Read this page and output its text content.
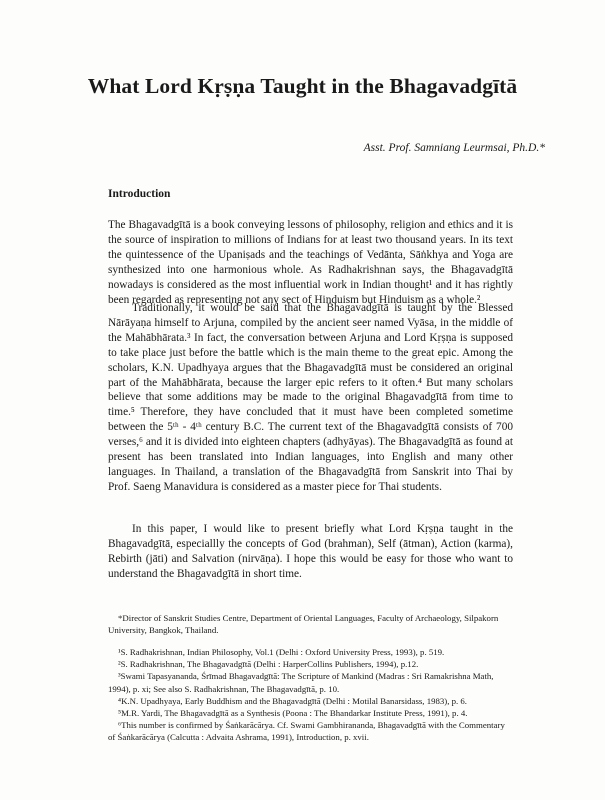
What Lord Kṛṣṇa Taught in the Bhagavadgītā
Asst. Prof. Samniang Leurmsai, Ph.D.*
Introduction

The Bhagavadgītā is a book conveying lessons of philosophy, religion and ethics and it is the source of inspiration to millions of Indians for at least two thousand years. In its text the quintessence of the Upaniṣads and the teachings of Vedānta, Sāṅkhya and Yoga are synthesized into one harmonious whole. As Radhakrishnan says, the Bhagavadgītā nowadays is considered as the most influential work in Indian thought¹ and it has rightly been regarded as representing not any sect of Hinduism but Hinduism as a whole.²

Traditionally, it would be said that the Bhagavadgītā is taught by the Blessed Nārāyaṇa himself to Arjuna, compiled by the ancient seer named Vyāsa, in the middle of the Mahābhārata.³ In fact, the conversation between Arjuna and Lord Kṛṣṇa is supposed to take place just before the battle which is the main theme to the great epic. Among the scholars, K.N. Upadhyaya argues that the Bhagavadgītā must be considered an original part of the Mahābhārata, because the larger epic refers to it often.⁴ But many scholars believe that some additions may be made to the original Bhagavadgītā from time to time.⁵ Therefore, they have concluded that it must have been completed sometime between the 5ᵗʰ - 4ᵗʰ century B.C. The current text of the Bhagavadgītā consists of 700 verses,⁶ and it is divided into eighteen chapters (adhyāyas). The Bhagavadgītā as found at present has been translated into Indian languages, into English and many other languages. In Thailand, a translation of the Bhagavadgītā from Sanskrit into Thai by Prof. Saeng Manavidura is considered as a master piece for Thai students.

In this paper, I would like to present briefly what Lord Kṛṣṇa taught in the Bhagavadgītā, especiallly the concepts of God (brahman), Self (ātman), Action (karma), Rebirth (jāti) and Salvation (nirvāṇa). I hope this would be easy for those who want to understand the Bhagavadgītā in short time.

*Director of Sanskrit Studies Centre, Department of Oriental Languages, Faculty of Archaeology, Silpakorn University, Bangkok, Thailand.

¹S. Radhakrishnan, Indian Philosophy, Vol.1 (Delhi : Oxford University Press, 1993), p. 519.

²S. Radhakrishnan, The Bhagavadgītā (Delhi : HarperCollins Publishers, 1994), p.12.

³Swami Tapasyananda, Śrīmad Bhagavadgītā: The Scripture of Mankind (Madras : Sri Ramakrishna Math, 1994), p. xi; See also S. Radhakrishnan, The Bhagavadgītā, p. 10.

⁴K.N. Upadhyaya, Early Buddhism and the Bhagavadgītā (Delhi : Motilal Banarsidass, 1983), p. 6.

⁵M.R. Yardi, The Bhagavadgītā as a Synthesis (Poona : The Bhandarkar Institute Press, 1991), p. 4.

⁶This number is confirmed by Śaṅkarācārya. Cf. Swami Gambhirananda, Bhagavadgītā with the Commentary of Śaṅkarācārya (Calcutta : Advaita Ashrama, 1991), Introduction, p. xvii.
